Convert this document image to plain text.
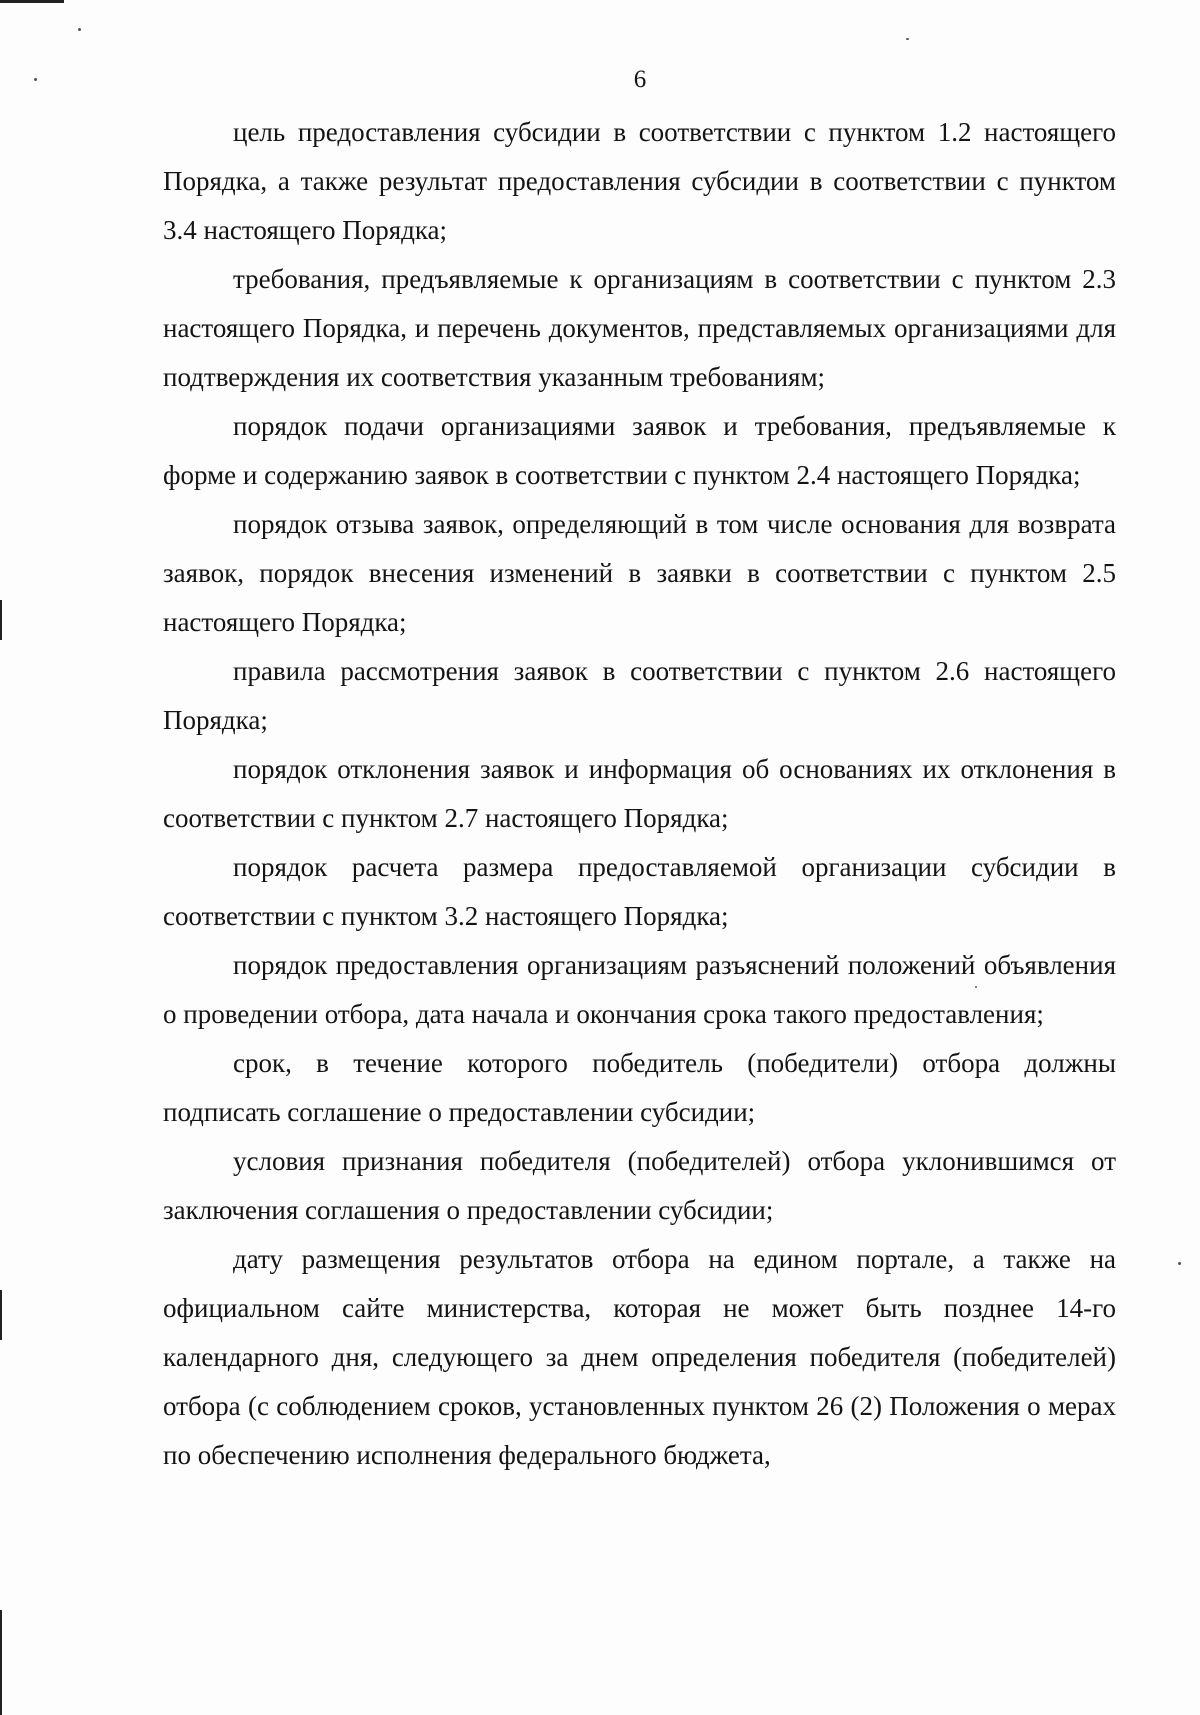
6

цель предоставления субсидии в соответствии с пунктом 1.2 настоящего Порядка, а также результат предоставления субсидии в соответствии с пунктом 3.4 настоящего Порядка;

требования, предъявляемые к организациям в соответствии с пунктом 2.3 настоящего Порядка, и перечень документов, представляемых организациями для подтверждения их соответствия указанным требованиям;

порядок подачи организациями заявок и требования, предъявляемые к форме и содержанию заявок в соответствии с пунктом 2.4 настоящего Порядка;

порядок отзыва заявок, определяющий в том числе основания для возврата заявок, порядок внесения изменений в заявки в соответствии с пунктом 2.5 настоящего Порядка;

правила рассмотрения заявок в соответствии с пунктом 2.6 настоящего Порядка;

порядок отклонения заявок и информация об основаниях их отклонения в соответствии с пунктом 2.7 настоящего Порядка;

порядок расчета размера предоставляемой организации субсидии в соответствии с пунктом 3.2 настоящего Порядка;

порядок предоставления организациям разъяснений положений объявления о проведении отбора, дата начала и окончания срока такого предоставления;

срок, в течение которого победитель (победители) отбора должны подписать соглашение о предоставлении субсидии;

условия признания победителя (победителей) отбора уклонившимся от заключения соглашения о предоставлении субсидии;

дату размещения результатов отбора на едином портале, а также на официальном сайте министерства, которая не может быть позднее 14-го календарного дня, следующего за днем определения победителя (победителей) отбора (с соблюдением сроков, установленных пунктом 26 (2) Положения о мерах по обеспечению исполнения федерального бюджета,
